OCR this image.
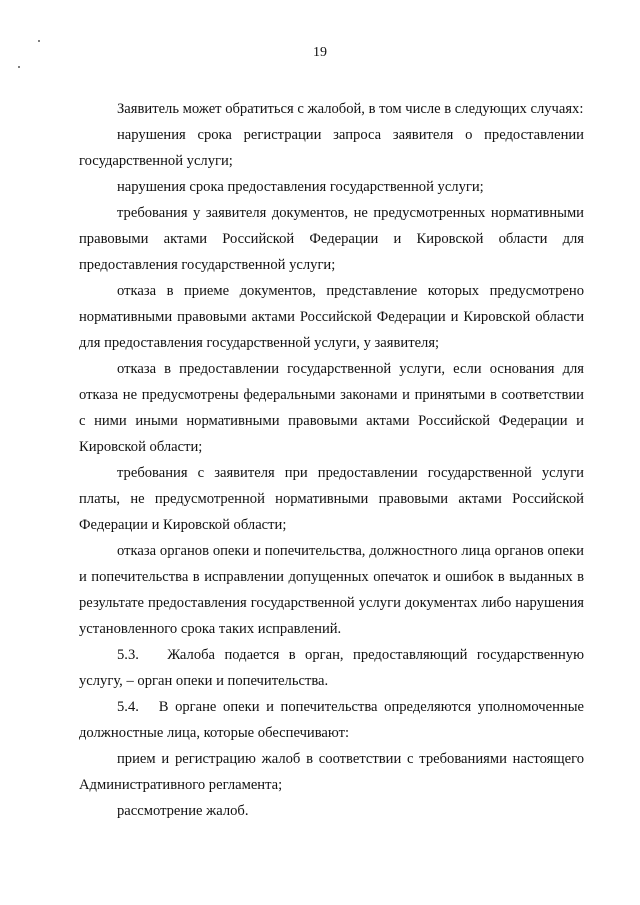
19

Заявитель может обратиться с жалобой, в том числе в следующих случаях:

нарушения срока регистрации запроса заявителя о предоставлении государственной услуги;

нарушения срока предоставления государственной услуги;

требования у заявителя документов, не предусмотренных нормативными правовыми актами Российской Федерации и Кировской области для предоставления государственной услуги;

отказа в приеме документов, представление которых предусмотрено нормативными правовыми актами Российской Федерации и Кировской области для предоставления государственной услуги, у заявителя;

отказа в предоставлении государственной услуги, если основания для отказа не предусмотрены федеральными законами и принятыми в соответствии с ними иными нормативными правовыми актами Российской Федерации и Кировской области;

требования с заявителя при предоставлении государственной услуги платы, не предусмотренной нормативными правовыми актами Российской Федерации и Кировской области;

отказа органов опеки и попечительства, должностного лица органов опеки и попечительства в исправлении допущенных опечаток и ошибок в выданных в результате предоставления государственной услуги документах либо нарушения установленного срока таких исправлений.

5.3.   Жалоба подается в орган, предоставляющий государственную услугу, – орган опеки и попечительства.

5.4.   В органе опеки и попечительства определяются уполномоченные должностные лица, которые обеспечивают:

прием и регистрацию жалоб в соответствии с требованиями настоящего Административного регламента;

рассмотрение жалоб.
